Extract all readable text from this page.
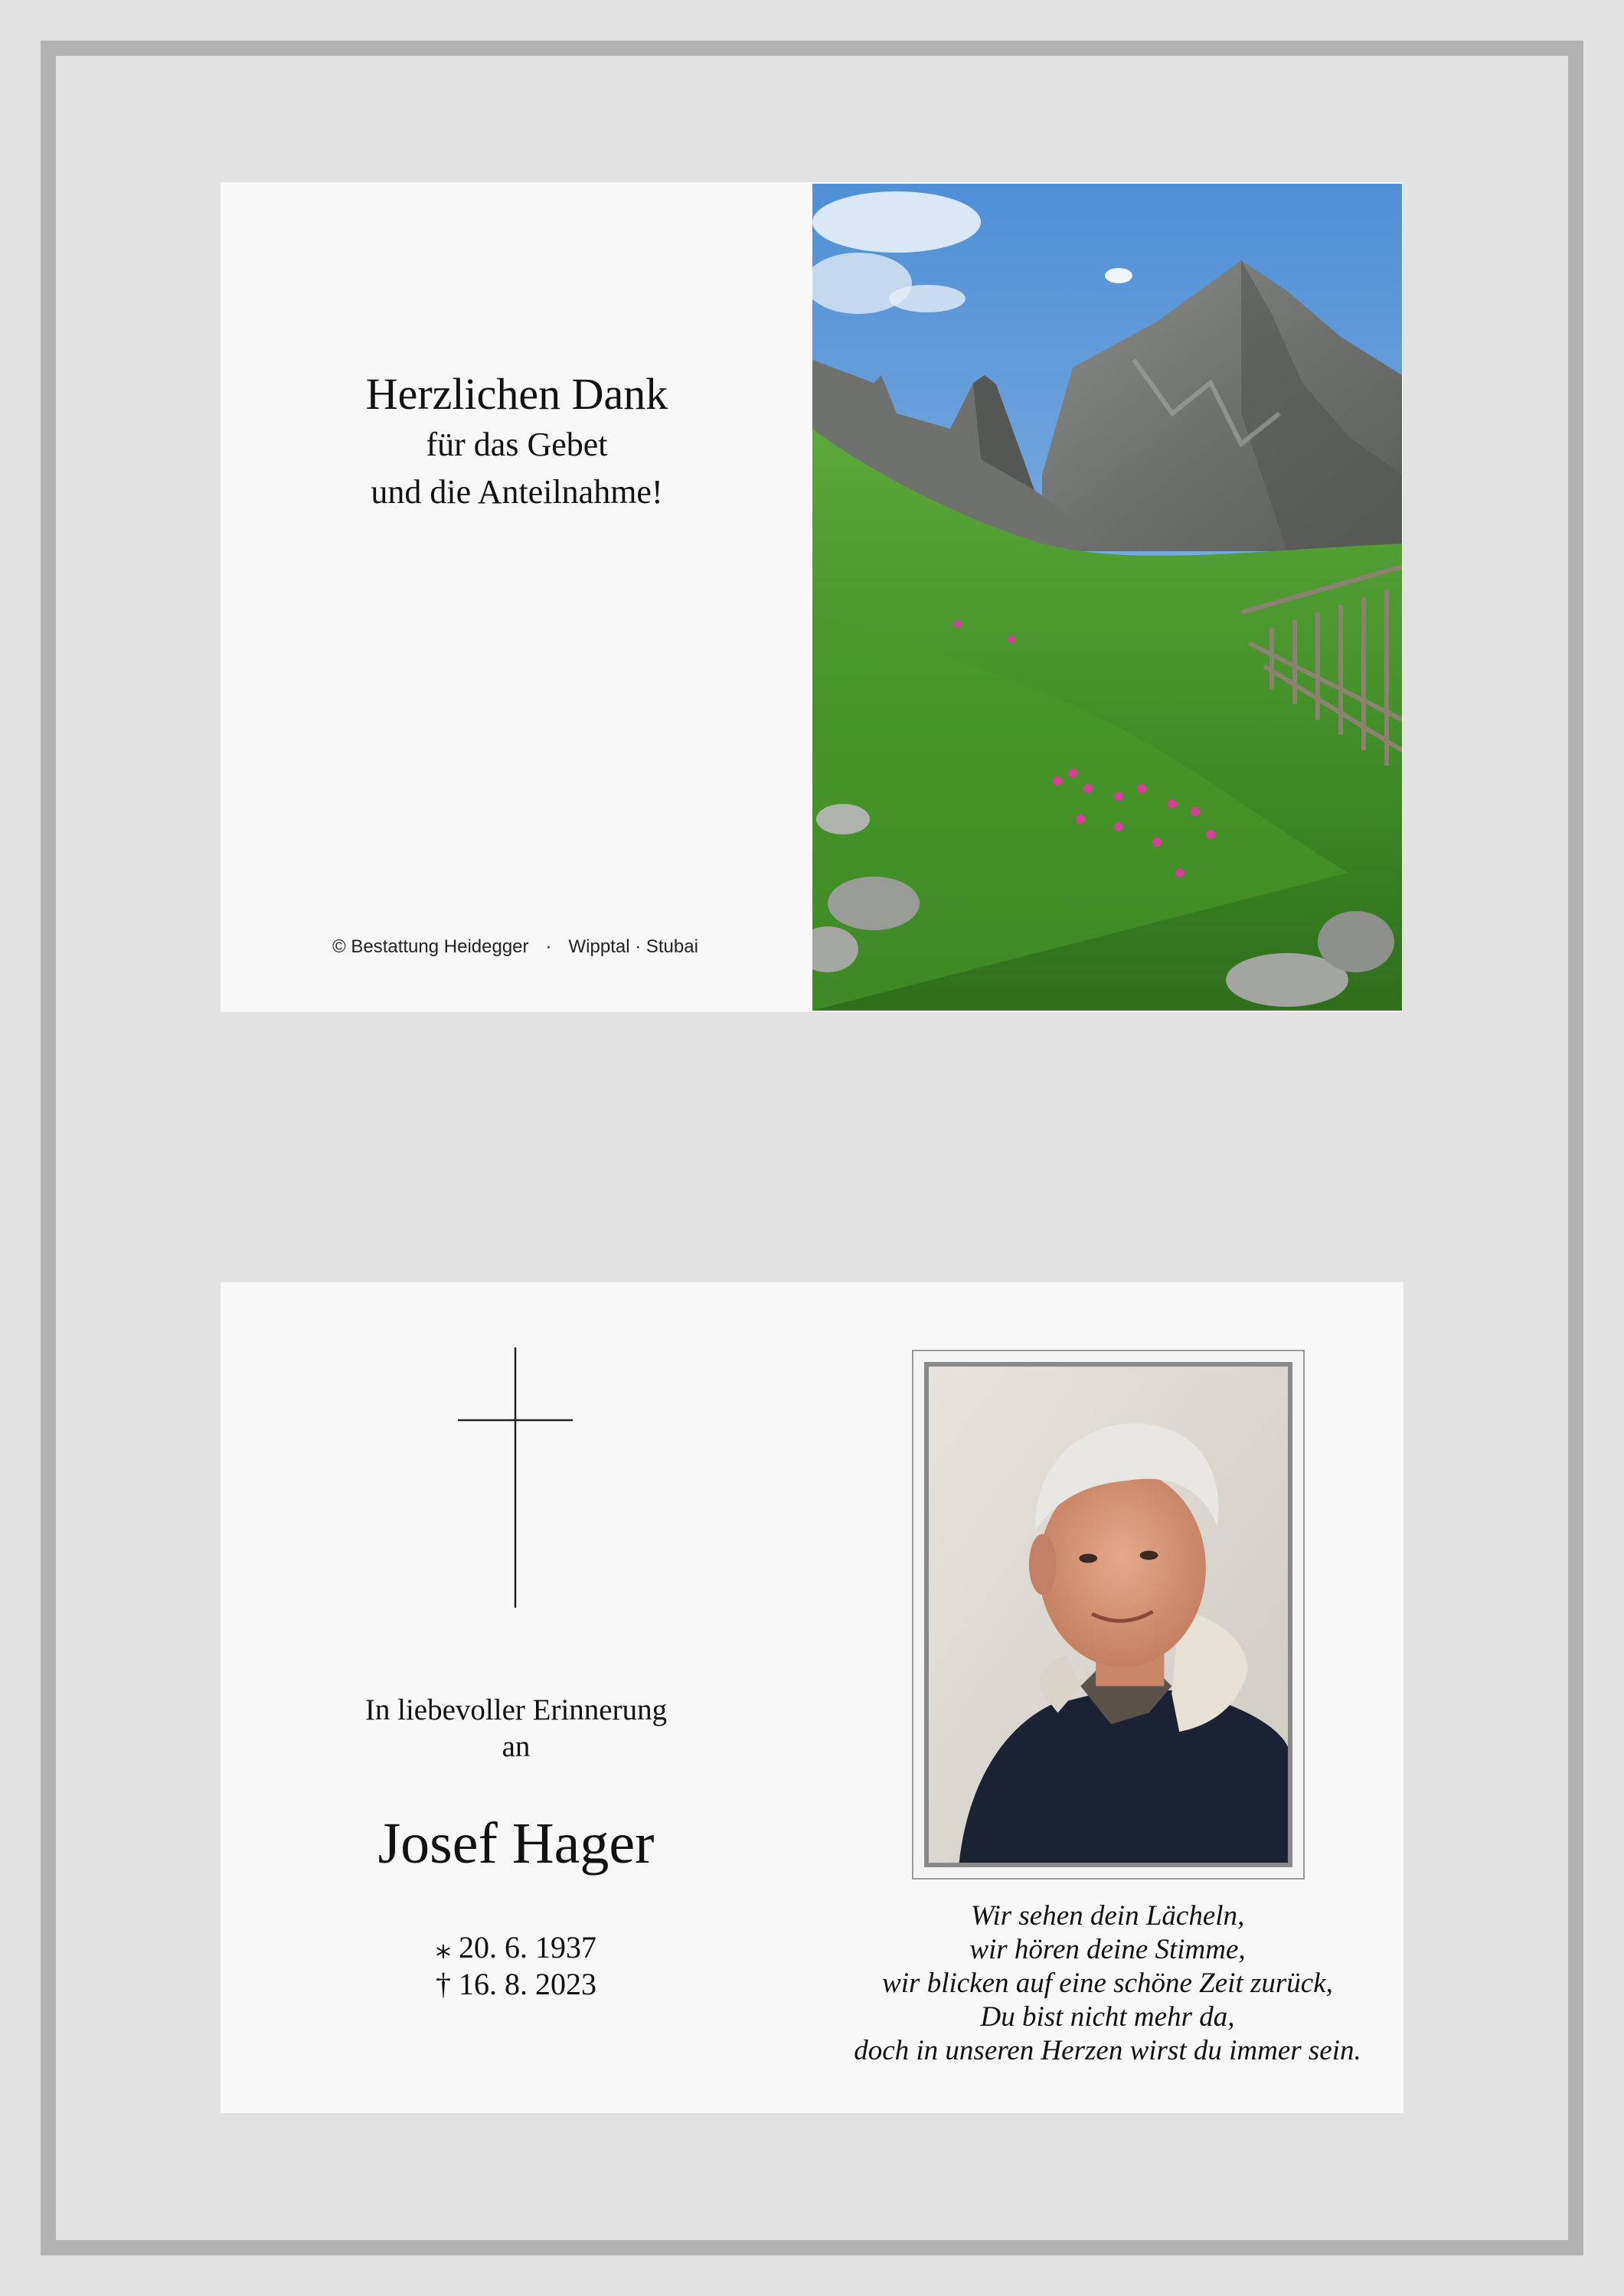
Herzlichen Dank
für das Gebet
und die Anteilnahme!
© Bestattung Heidegger · Wipptal · Stubai
In liebevoller Erinnerung
an
Josef Hager
⁎ 20. 6. 1937
† 16. 8. 2023
Wir sehen dein Lächeln,
wir hören deine Stimme,
wir blicken auf eine schöne Zeit zurück,
Du bist nicht mehr da,
doch in unseren Herzen wirst du immer sein.
